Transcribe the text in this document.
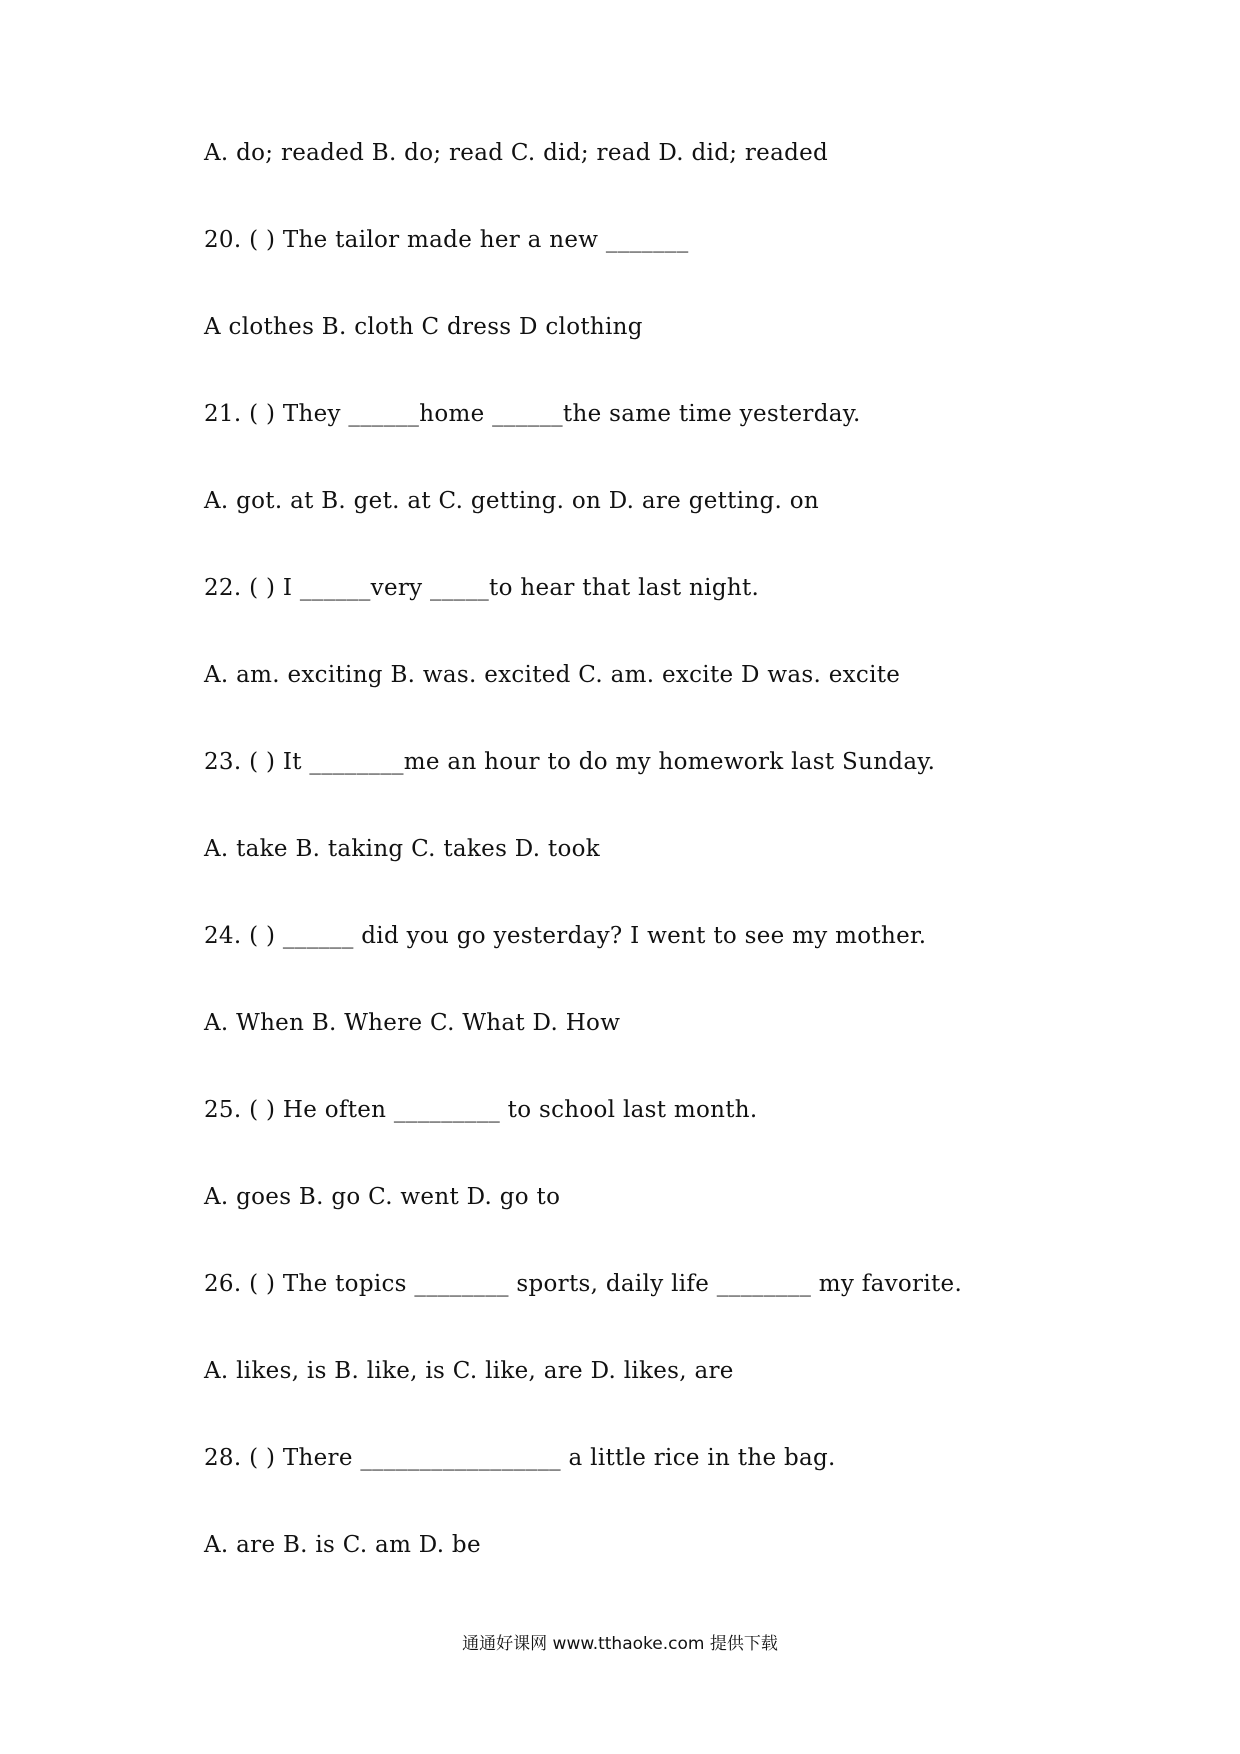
A. do; readed B. do; read C. did; read D. did; readed
20. ( ) The tailor made her a new _______
A clothes B. cloth C dress D clothing
21. ( ) They ______home ______the same time yesterday.
A. got. at B. get. at C. getting. on D. are getting. on
22. ( ) I ______very _____to hear that last night.
A. am. exciting B. was. excited C. am. excite D was. excite
23. ( ) It ________me an hour to do my homework last Sunday.
A. take B. taking C. takes D. took
24. ( ) ______ did you go yesterday? I went to see my mother.
A. When B. Where C. What D. How
25. ( ) He often _________ to school last month.
A. goes B. go C. went D. go to
26. ( ) The topics ________ sports, daily life ________ my favorite.
A. likes, is B. like, is C. like, are D. likes, are
28. ( ) There _________________ a little rice in the bag.
A. are B. is C. am D. be
通通好课网 www.tthaoke.com 提供下载
